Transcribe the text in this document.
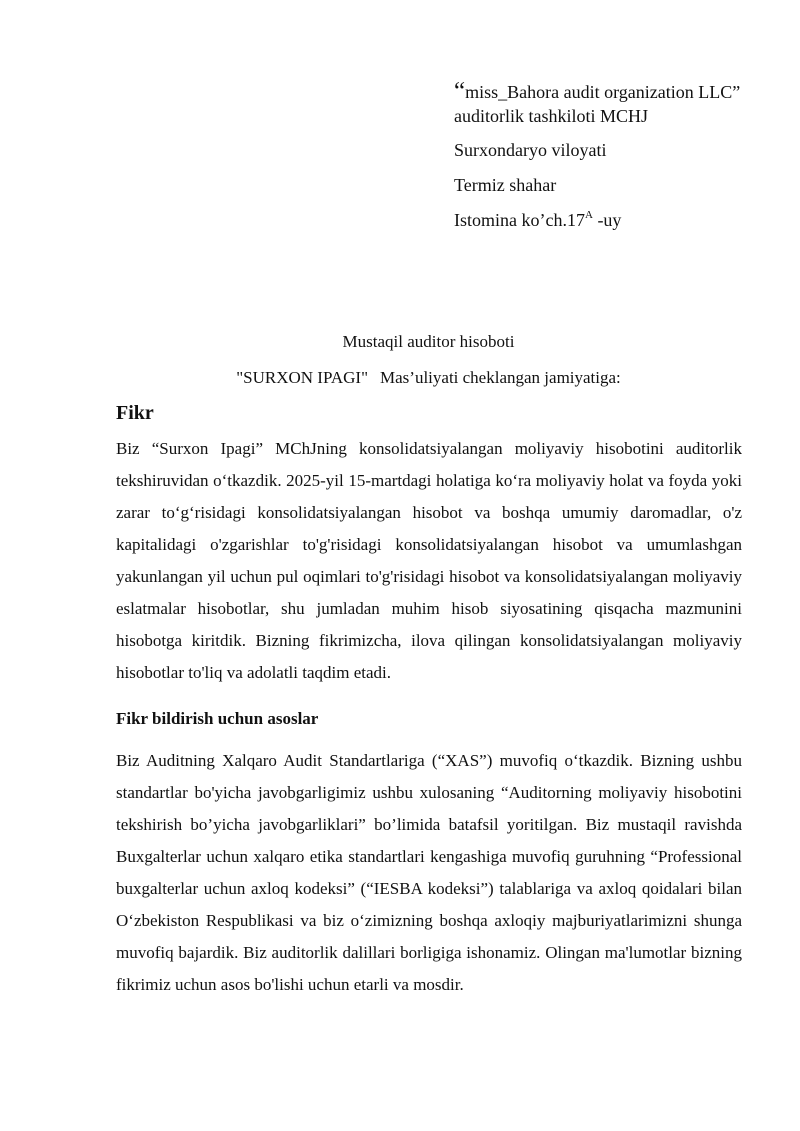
“miss_Bahora audit organization LLC”

auditorlik tashkiloti MCHJ

Surxondaryo viloyati

Termiz shahar

Istomina $ko’ch.17^A$ -uy

Mustaqil auditor hisoboti
"SURXON IPAGI" Mas’uliyati cheklangan jamiyatiga:
Fikr
Biz “Surxon Ipagi” MChJning konsolidatsiyalangan moliyaviy hisobotini auditorlik tekshiruvidan o‘tkazdik. 2025-yil 15-martdagi holatiga ko‘ra moliyaviy holat va foyda yoki zarar to‘g‘risidagi konsolidatsiyalangan hisobot va boshqa umumiy daromadlar, o'z kapitalidagi o'zgarishlar to'g'risidagi konsolidatsiyalangan hisobot va umumlashgan yakunlangan yil uchun pul oqimlari to'g'risidagi hisobot va konsolidatsiyalangan moliyaviy eslatmalar hisobotlar, shu jumladan muhim hisob siyosatining qisqacha mazmunini hisobotga kiritdik. Bizning fikrimizcha, ilova qilingan konsolidatsiyalangan moliyaviy hisobotlar to'liq va adolatli taqdim etadi.
Fikr bildirish uchun asoslar
Biz Auditning Xalqaro Audit Standartlariga (“XAS”) muvofiq o‘tkazdik. Bizning ushbu standartlar bo'yicha javobgarligimiz ushbu xulosaning “Auditorning moliyaviy hisobotini tekshirish bo’yicha javobgarliklari” bo’limida batafsil yoritilgan. Biz mustaqil ravishda Buxgalterlar uchun xalqaro etika standartlari kengashiga muvofiq guruhning “Professional buxgalterlar uchun axloq kodeksi” (“IESBA kodeksi”) talablariga va axloq qoidalari bilan O‘zbekiston Respublikasi va biz o‘zimizning boshqa axloqiy majburiyatlarimizni shunga muvofiq bajardik. Biz auditorlik dalillari borligiga ishonamiz. Olingan ma'lumotlar bizning fikrimiz uchun asos bo'lishi uchun etarli va mosdir.
